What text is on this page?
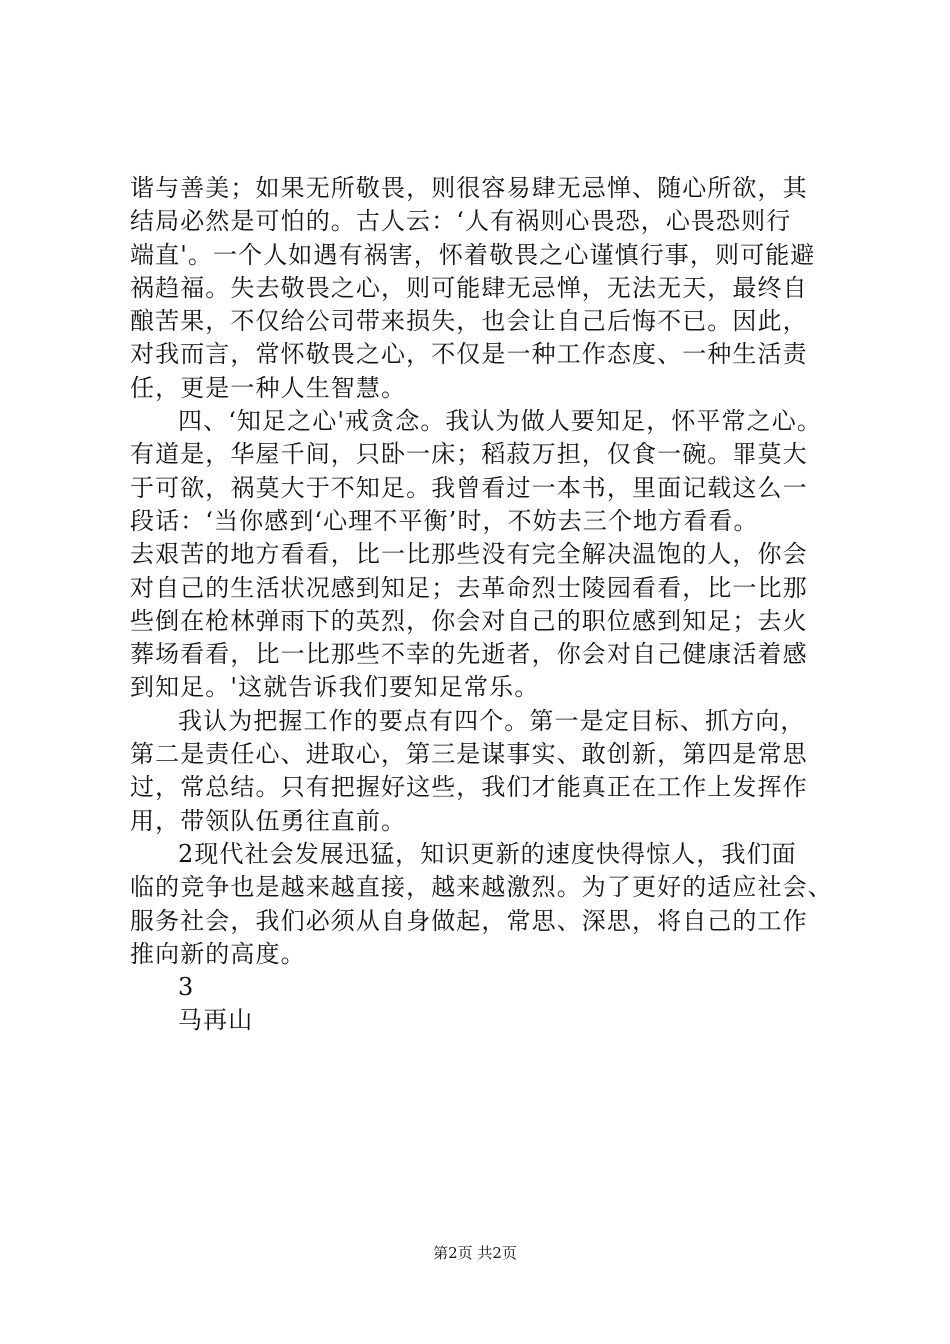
谐与善美；如果无所敬畏，则很容易肆无忌惮、随心所欲，其
结局必然是可怕的。古人云：‘人有祸则心畏恐，心畏恐则行
端直'。一个人如遇有祸害，怀着敬畏之心谨慎行事，则可能避
祸趋福。失去敬畏之心，则可能肆无忌惮，无法无天，最终自
酿苦果，不仅给公司带来损失，也会让自己后悔不已。因此，
对我而言，常怀敬畏之心，不仅是一种工作态度、一种生活责
任，更是一种人生智慧。
四、‘知足之心'戒贪念。我认为做人要知足，怀平常之心。
有道是，华屋千间，只卧一床；稻菽万担，仅食一碗。罪莫大
于可欲，祸莫大于不知足。我曾看过一本书，里面记载这么一
段话：‘当你感到‘心理不平衡’时，不妨去三个地方看看。
去艰苦的地方看看，比一比那些没有完全解决温饱的人，你会
对自己的生活状况感到知足；去革命烈士陵园看看，比一比那
些倒在枪林弹雨下的英烈，你会对自己的职位感到知足；去火
葬场看看，比一比那些不幸的先逝者，你会对自己健康活着感
到知足。'这就告诉我们要知足常乐。
我认为把握工作的要点有四个。第一是定目标、抓方向，
第二是责任心、进取心，第三是谋事实、敢创新，第四是常思
过，常总结。只有把握好这些，我们才能真正在工作上发挥作
用，带领队伍勇往直前。
2现代社会发展迅猛，知识更新的速度快得惊人，我们面
临的竞争也是越来越直接，越来越激烈。为了更好的适应社会、
服务社会，我们必须从自身做起，常思、深思，将自己的工作
推向新的高度。
3
马再山
第2页 共2页
